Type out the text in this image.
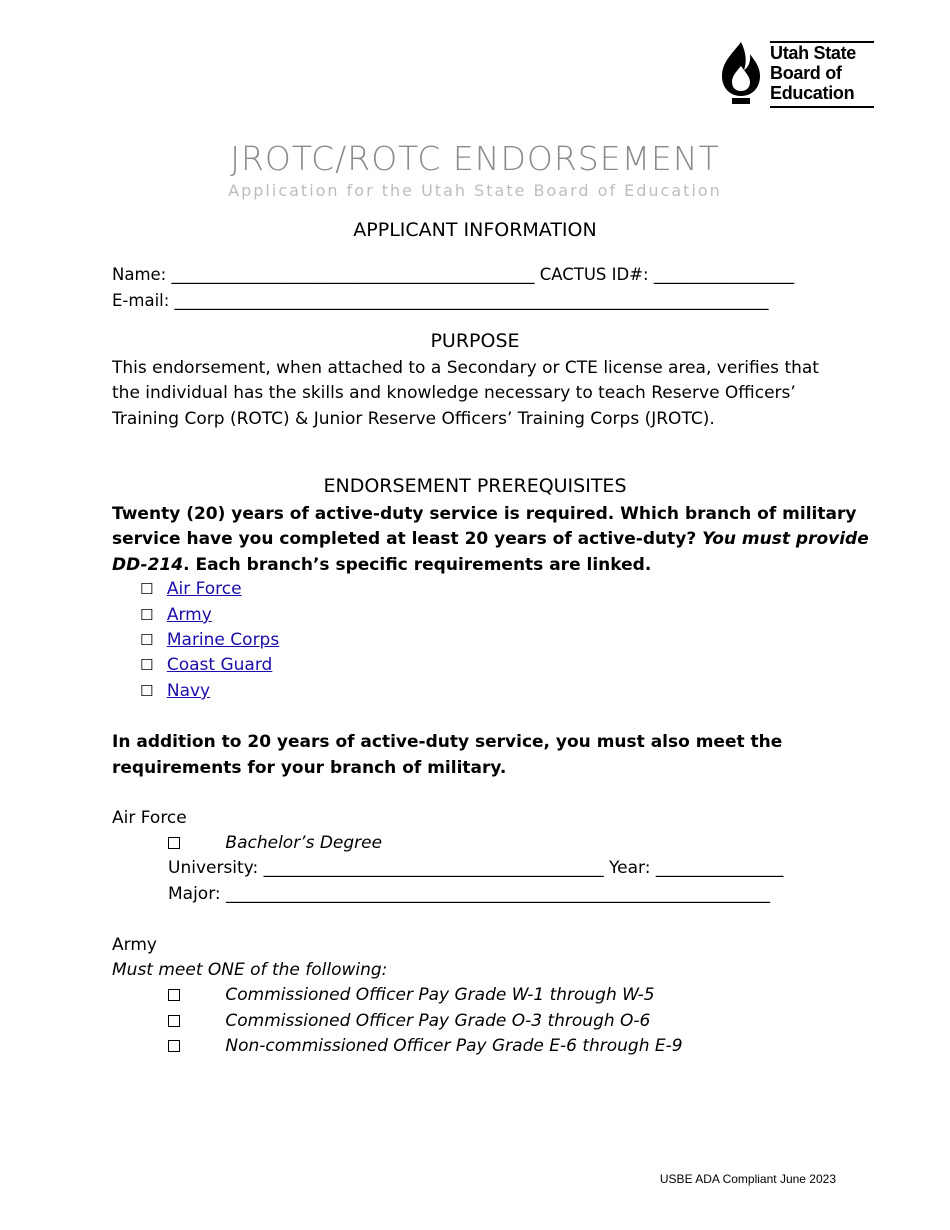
Utah State
Board of
Education
JROTC/ROTC ENDORSEMENT
Application for the Utah State Board of Education
APPLICANT INFORMATION
Name: ____________________________________________ CACTUS ID#: _________________
E-mail: ________________________________________________________________________
PURPOSE
This endorsement, when attached to a Secondary or CTE license area, verifies that
the individual has the skills and knowledge necessary to teach Reserve Officers’
Training Corp (ROTC) & Junior Reserve Officers’ Training Corps (JROTC).
ENDORSEMENT PREREQUISITES
Twenty (20) years of active-duty service is required. Which branch of military
service have you completed at least 20 years of active-duty? You must provide
DD-214. Each branch’s specific requirements are linked.
☐ Air Force
☐ Army
☐ Marine Corps
☐ Coast Guard
☐ Navy
In addition to 20 years of active-duty service, you must also meet the
requirements for your branch of military.
Air Force
Bachelor’s Degree
University: ________________________________________ Year: _______________
Major: ________________________________________________________________
Army
Must meet ONE of the following:
Commissioned Officer Pay Grade W-1 through W-5
Commissioned Officer Pay Grade O-3 through O-6
Non-commissioned Officer Pay Grade E-6 through E-9
USBE ADA Compliant June 2023
